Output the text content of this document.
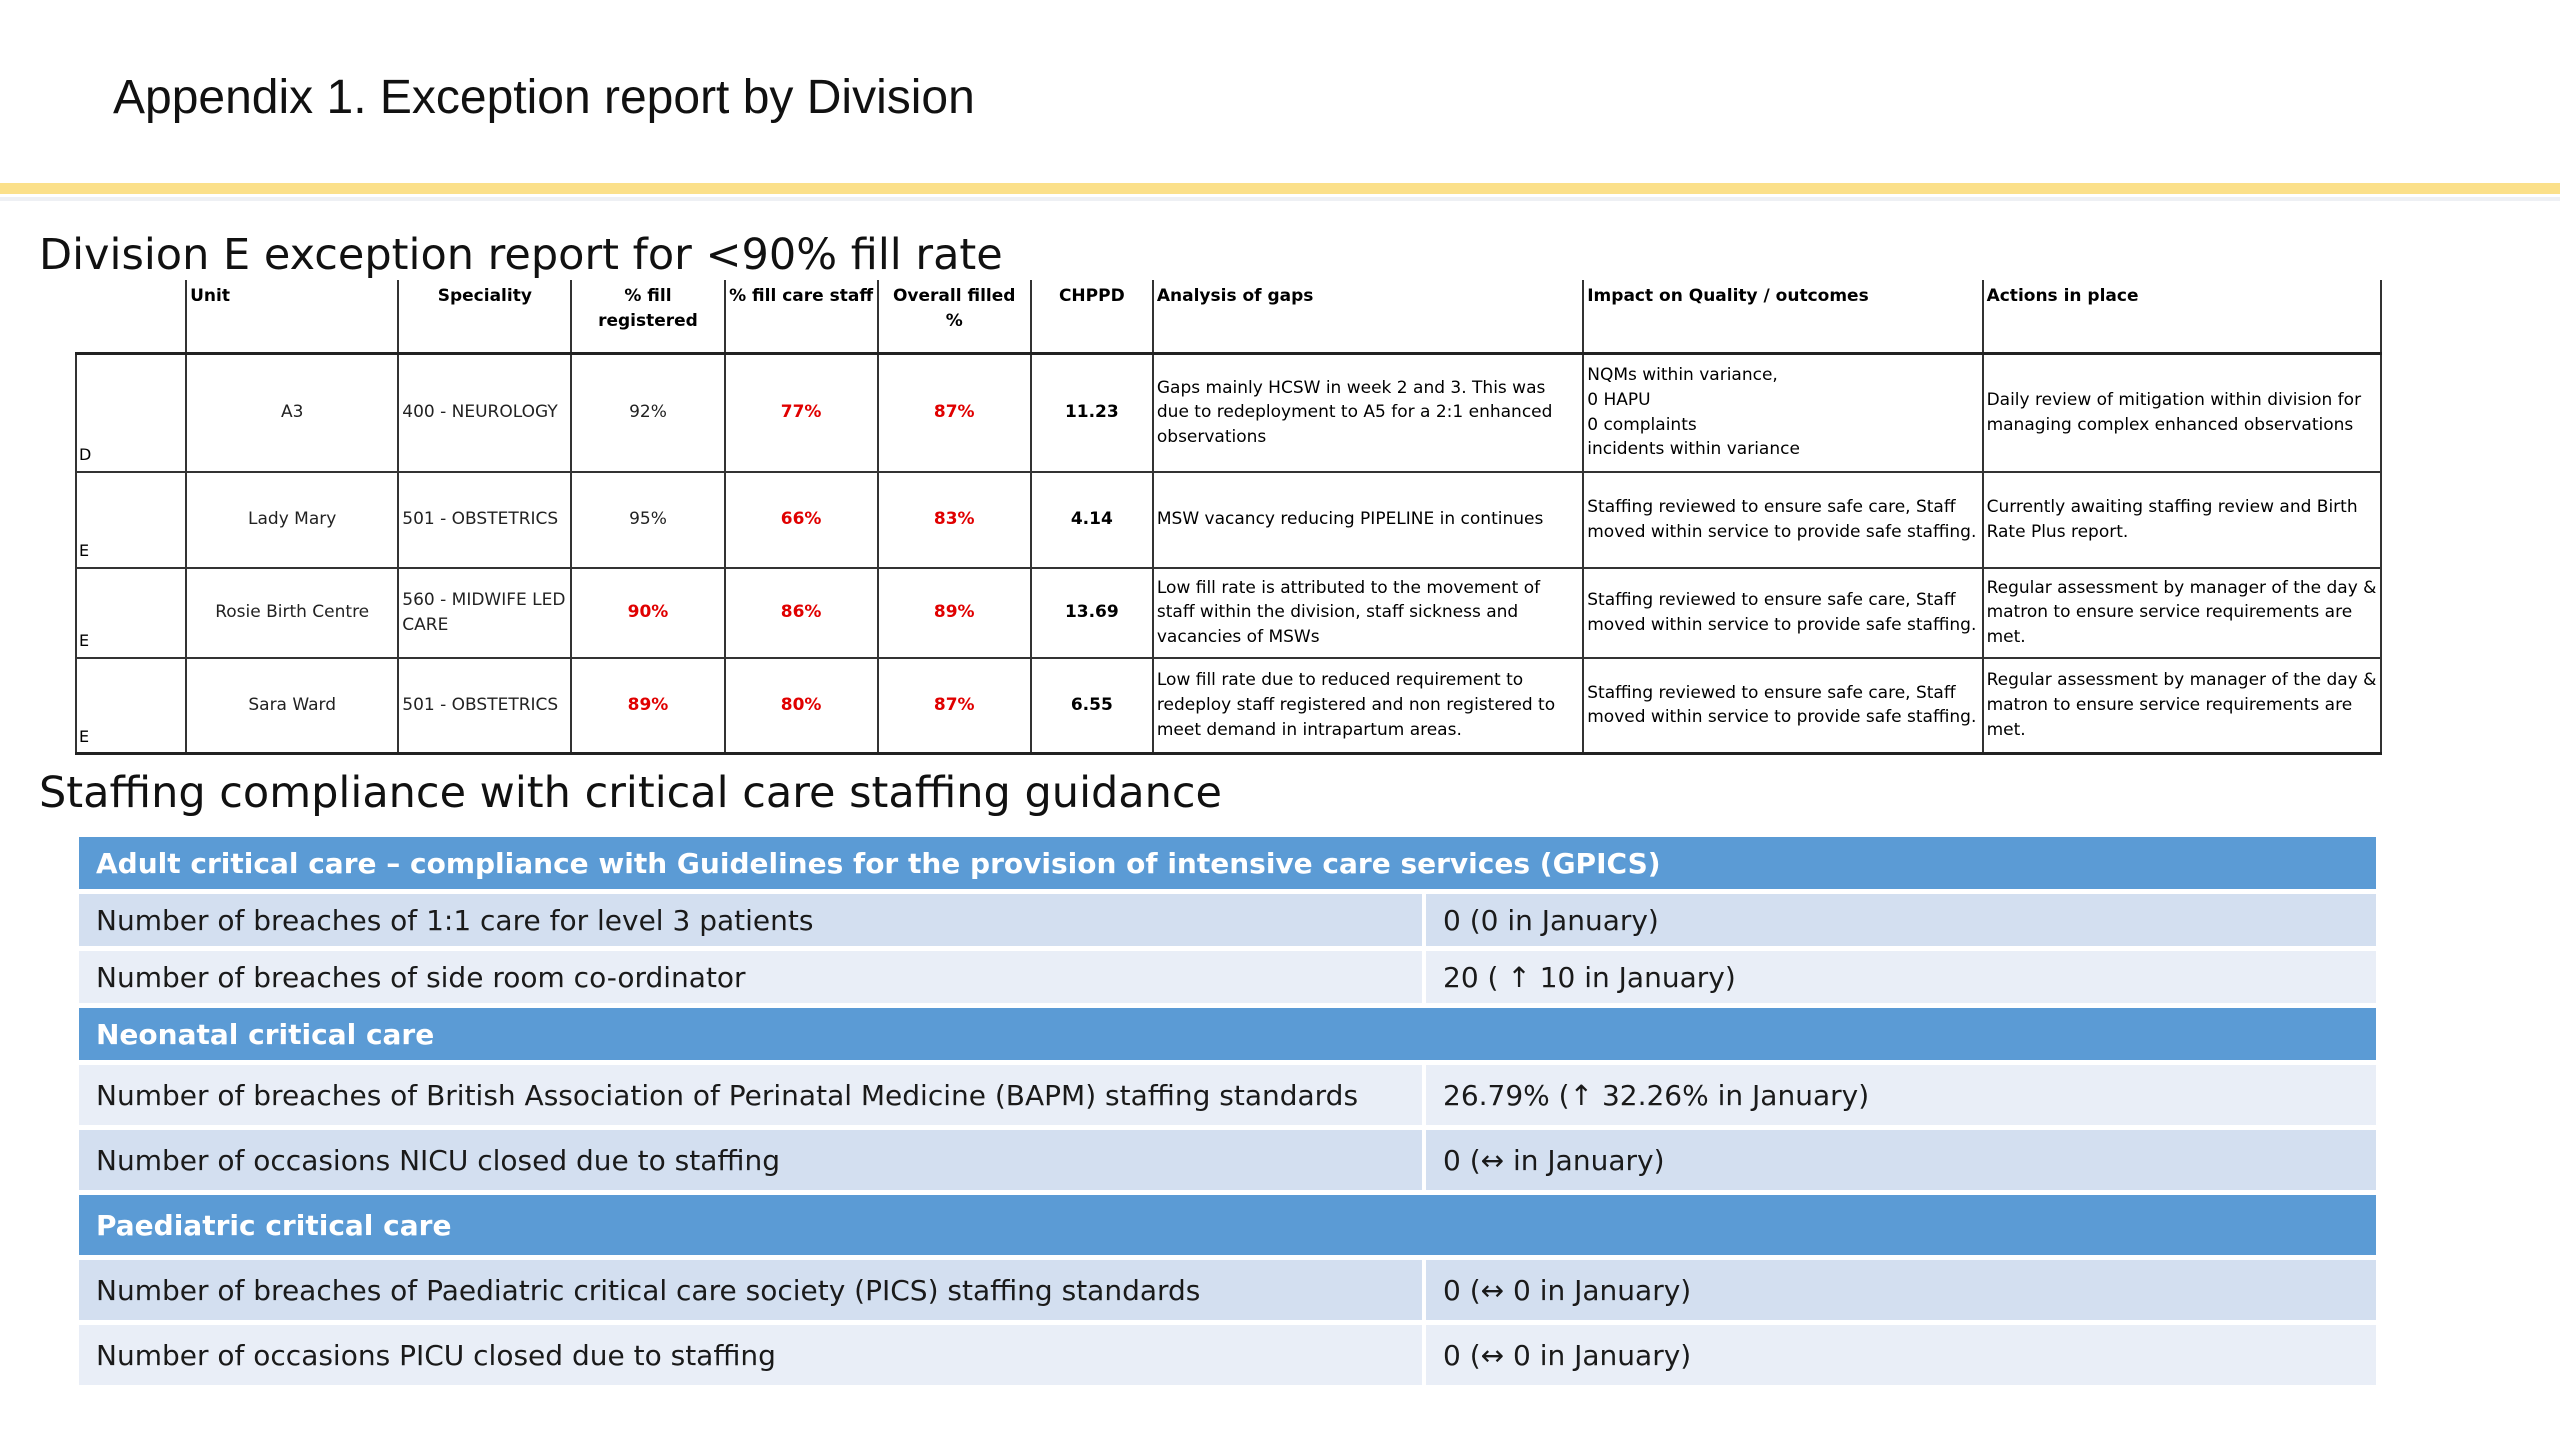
Appendix 1. Exception report by Division
Division E exception report for <90% fill rate
	Unit	Speciality	% fill registered	% fill care staff	Overall filled %	CHPPD	Analysis of gaps	Impact on Quality / outcomes	Actions in place
D	A3	400 - NEUROLOGY	92%	77%	87%	11.23	Gaps mainly HCSW in week 2 and 3. This was due to redeployment to A5 for a 2:1 enhanced observations	NQMs within variance,
0 HAPU
0 complaints
incidents within variance	Daily review of mitigation within division for managing complex enhanced observations
E	Lady Mary	501 - OBSTETRICS	95%	66%	83%	4.14	MSW vacancy reducing PIPELINE in continues	Staffing reviewed to ensure safe care, Staff moved within service to provide safe staffing.	Currently awaiting staffing review and Birth Rate Plus report.
E	Rosie Birth Centre	560 - MIDWIFE LED CARE	90%	86%	89%	13.69	Low fill rate is attributed to the movement of staff within the division, staff sickness and vacancies of MSWs	Staffing reviewed to ensure safe care, Staff moved within service to provide safe staffing.	Regular assessment by manager of the day & matron to ensure service requirements are met.
E	Sara Ward	501 - OBSTETRICS	89%	80%	87%	6.55	Low fill rate due to reduced requirement to redeploy staff registered and non registered to meet demand in intrapartum areas.	Staffing reviewed to ensure safe care, Staff moved within service to provide safe staffing.	Regular assessment by manager of the day & matron to ensure service requirements are met.
Staffing compliance with critical care staffing guidance
Adult critical care – compliance with Guidelines for the provision of intensive care services (GPICS)
Number of breaches of 1:1 care for level 3 patients	0 (0 in January)
Number of breaches of side room co-ordinator	20 ( ↑ 10 in January)
Neonatal critical care
Number of breaches of British Association of Perinatal Medicine (BAPM) staffing standards	26.79% (↑ 32.26% in January)
Number of occasions NICU closed due to staffing	0 (↔ in January)
Paediatric critical care
Number of breaches of Paediatric critical care society (PICS) staffing standards	0 (↔ 0 in January)
Number of occasions PICU closed due to staffing	0 (↔ 0 in January)
